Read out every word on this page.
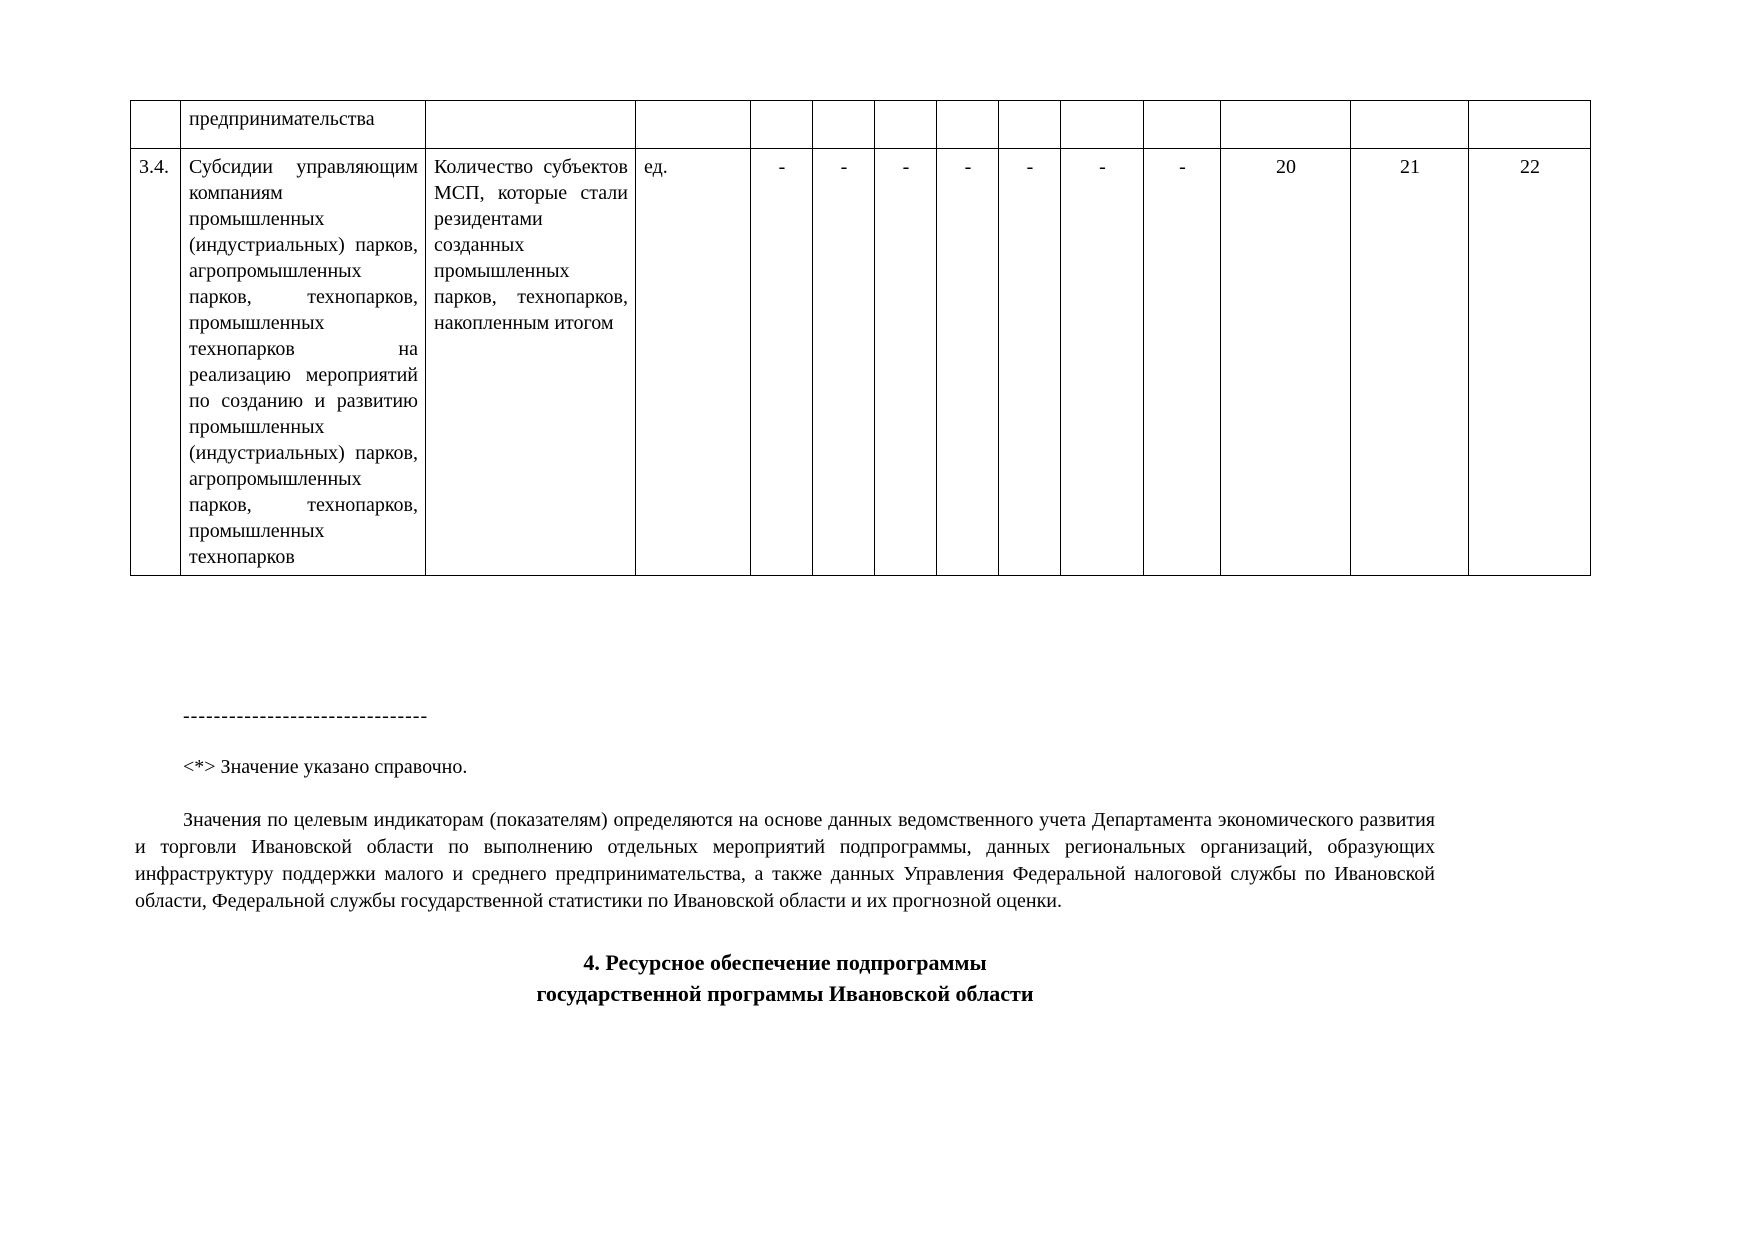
	предпринимательства												
3.4.	Субсидии управляющим компаниям промышленных (индустриальных) парков, агропромышленных парков, технопарков, промышленных технопарков на реализацию мероприятий по созданию и развитию промышленных (индустриальных) парков, агропромышленных парков, технопарков, промышленных технопарков	Количество субъектов МСП, которые стали резидентами созданных промышленных парков, технопарков, накопленным итогом	ед.	-	-	-	-	-	-	-	20	21	22
--------------------------------
<*> Значение указано справочно.

Значения по целевым индикаторам (показателям) определяются на основе данных ведомственного учета Департамента экономического развития и торговли Ивановской области по выполнению отдельных мероприятий подпрограммы, данных региональных организаций, образующих инфраструктуру поддержки малого и среднего предпринимательства, а также данных Управления Федеральной налоговой службы по Ивановской области, Федеральной службы государственной статистики по Ивановской области и их прогнозной оценки.

4. Ресурсное обеспечение подпрограммы
государственной программы Ивановской области
